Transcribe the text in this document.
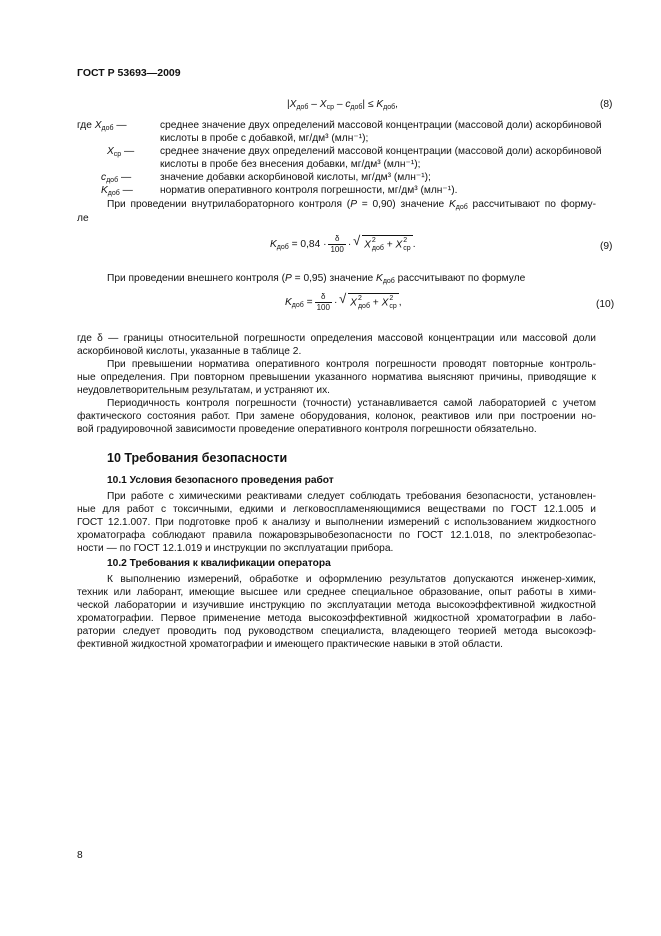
ГОСТ Р 53693—2009
$|X_{доб} - X_{ср} - c_{доб}| \le K_{доб}$,	(8)
где $X_{доб}$ —	среднее значение двух определений массовой концентрации (массовой доли) аскорбиновой
кислоты в пробе с добавкой, мг/дм³ (млн⁻¹);
$X_{ср}$ —	среднее значение двух определений массовой концентрации (массовой доли) аскорбиновой
кислоты в пробе без внесения добавки, мг/дм³ (млн⁻¹);
$c_{доб}$ —	значение добавки аскорбиновой кислоты, мг/дм³ (млн⁻¹);
$K_{доб}$ —	норматив оперативного контроля погрешности, мг/дм³ (млн⁻¹).
При проведении внутрилабораторного контроля (P = 0,90) значение $K_{доб}$ рассчитывают по форму-
ле
$K_{доб} = 0,84 \cdot \frac{\delta}{100}$ · √ X 2
доб + X 2
ср .	(9)
При проведении внешнего контроля (P = 0,95) значение $K_{доб}$ рассчитывают по формуле
$K_{доб} = \frac{\delta}{100}$ · √ X 2
доб + X 2
ср ,	(10)
где δ — границы относительной погрешности определения массовой концентрации или массовой доли
аскорбиновой кислоты, указанные в таблице 2.
При превышении норматива оперативного контроля погрешности проводят повторные контроль-
ные определения. При повторном превышении указанного норматива выясняют причины, приводящие к
неудовлетворительным результатам, и устраняют их.
Периодичность контроля погрешности (точности) устанавливается самой лабораторией с учетом
фактического состояния работ. При замене оборудования, колонок, реактивов или при построении но-
вой градуировочной зависимости проведение оперативного контроля погрешности обязательно.
10 Требования безопасности
10.1 Условия безопасного проведения работ
При работе с химическими реактивами следует соблюдать требования безопасности, установлен-
ные для работ с токсичными, едкими и легковоспламеняющимися веществами по ГОСТ 12.1.005 и
ГОСТ 12.1.007. При подготовке проб к анализу и выполнении измерений с использованием жидкостного
хроматографа соблюдают правила пожаровзрывобезопасности по ГОСТ 12.1.018, по электробезопас-
ности — по ГОСТ 12.1.019 и инструкции по эксплуатации прибора.
10.2 Требования к квалификации оператора
К выполнению измерений, обработке и оформлению результатов допускаются инженер-химик,
техник или лаборант, имеющие высшее или среднее специальное образование, опыт работы в хими-
ческой лаборатории и изучившие инструкцию по эксплуатации метода высокоэффективной жидкостной
хроматографии. Первое применение метода высокоэффективной жидкостной хроматографии в лабо-
ратории следует проводить под руководством специалиста, владеющего теорией метода высокоэф-
фективной жидкостной хроматографии и имеющего практические навыки в этой области.
8
